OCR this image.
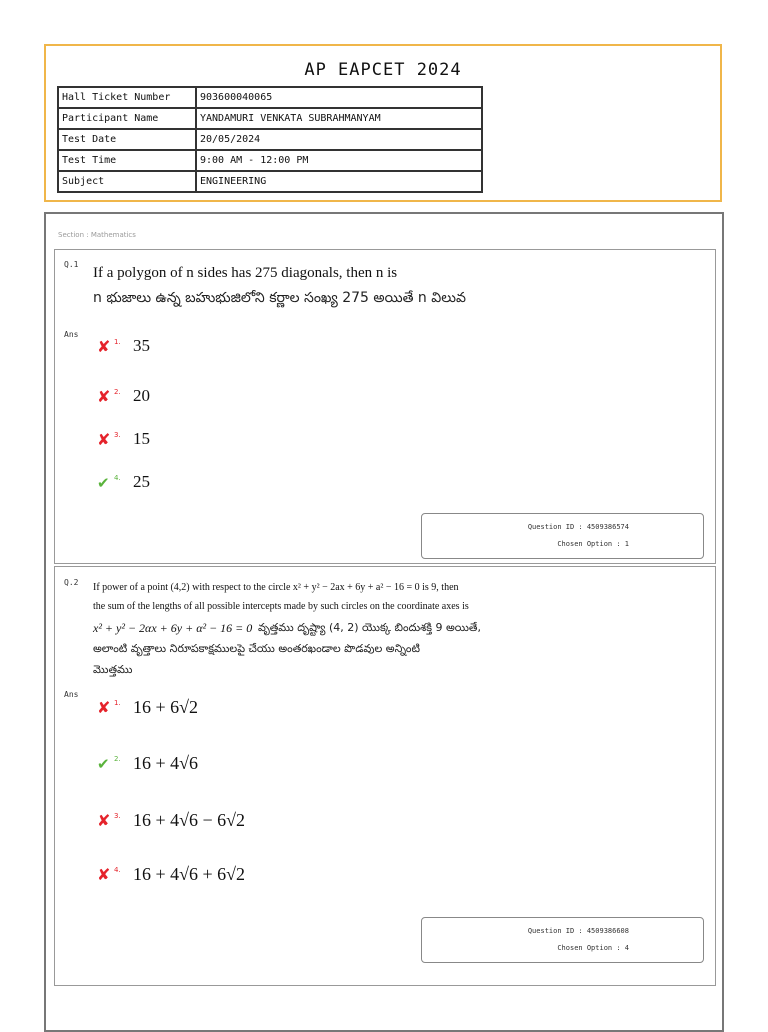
AP EAPCET 2024
Hall Ticket Number	903600040065
Participant Name	YANDAMURI VENKATA SUBRAHMANYAM
Test Date	20/05/2024
Test Time	9:00 AM - 12:00 PM
Subject	ENGINEERING
Section : Mathematics
Q.1
If a polygon of n sides has 275 diagonals, then n is
n భుజాలు ఉన్న బహుభుజిలోని కర్ణాల సంఖ్య 275 అయితే n విలువ
Ans
✘ 1. 35
✘ 2. 20
✘ 3. 15
✔ 4. 25
Question ID : 4509386574
Chosen Option : 1
Q.2 If power of a point (4,2) with respect to the circle x² + y² − 2ax + 6y + a² − 16 = 0 is 9, then
the sum of the lengths of all possible intercepts made by such circles on the coordinate axes is
x² + y² − 2αx + 6y + α² − 16 = 0 వృత్తము దృష్ట్యా (4, 2) యొక్క బిందుశక్తి 9 అయితే,
అలాంటి వృత్తాలు నిరూపకాక్షములపై చేయు అంతరఖండాల పొడవుల అన్నింటి
మొత్తము
Ans
✘ 1. 16 + 6√2
✔ 2. 16 + 4√6
✘ 3. 16 + 4√6 − 6√2
✘ 4. 16 + 4√6 + 6√2
Question ID : 4509386608
Chosen Option : 4
